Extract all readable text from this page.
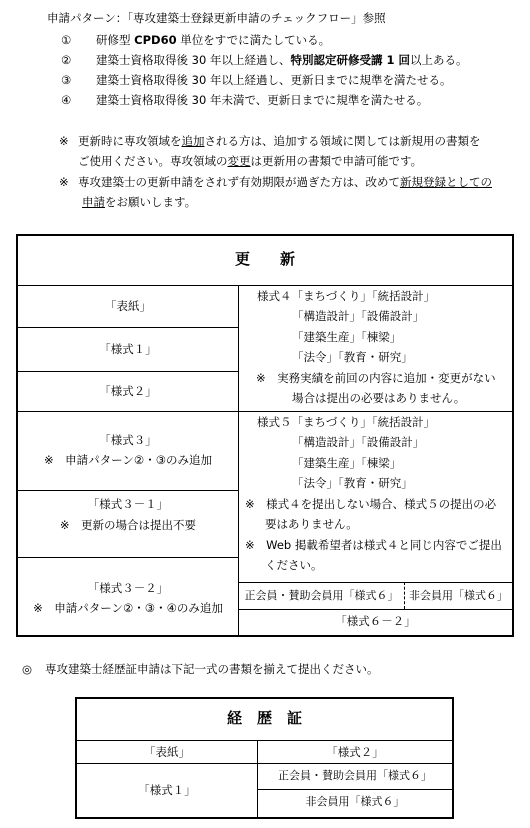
申請パターン：「専攻建築士登録更新申請のチェックフロー」参照
① 研修型 CPD60 単位をすでに満たしている。
② 建築士資格取得後 30 年以上経過し、特別認定研修受講 1 回以上ある。
③ 建築士資格取得後 30 年以上経過し、更新日までに規準を満たせる。
④ 建築士資格取得後 30 年未満で、更新日までに規準を満たせる。
※ 更新時に専攻領域を追加される方は、追加する領域に関しては新規用の書類を
ご使用ください。専攻領域の変更は更新用の書類で申請可能です。
※ 専攻建築士の更新申請をされず有効期限が過ぎた方は、改めて新規登録としての
申請をお願いします。
更　　新
「表紙」
「様式１」
「様式２」
「様式３」
※　申請パターン②・③のみ追加
「様式３－１」
※　更新の場合は提出不要
「様式３－２」
※　申請パターン②・③・④のみ追加
様式４「まちづくり」「統括設計」
「構造設計」「設備設計」
「建築生産」「棟梁」
「法令」「教育・研究」
※　実務実績を前回の内容に追加・変更がない
場合は提出の必要はありません。
様式５「まちづくり」「統括設計」
「構造設計」「設備設計」
「建築生産」「棟梁」
「法令」「教育・研究」
※　様式４を提出しない場合、様式５の提出の必
要はありません。
※　Web 掲載希望者は様式４と同じ内容でご提出
ください。
正会員・賛助会員用「様式６」 非会員用「様式６」
「様式６－２」
◎ 専攻建築士経歴証申請は下記一式の書類を揃えて提出ください。
経　歴　証
「表紙」	「様式２」
「様式１」
正会員・賛助会員用「様式６」
非会員用「様式６」
